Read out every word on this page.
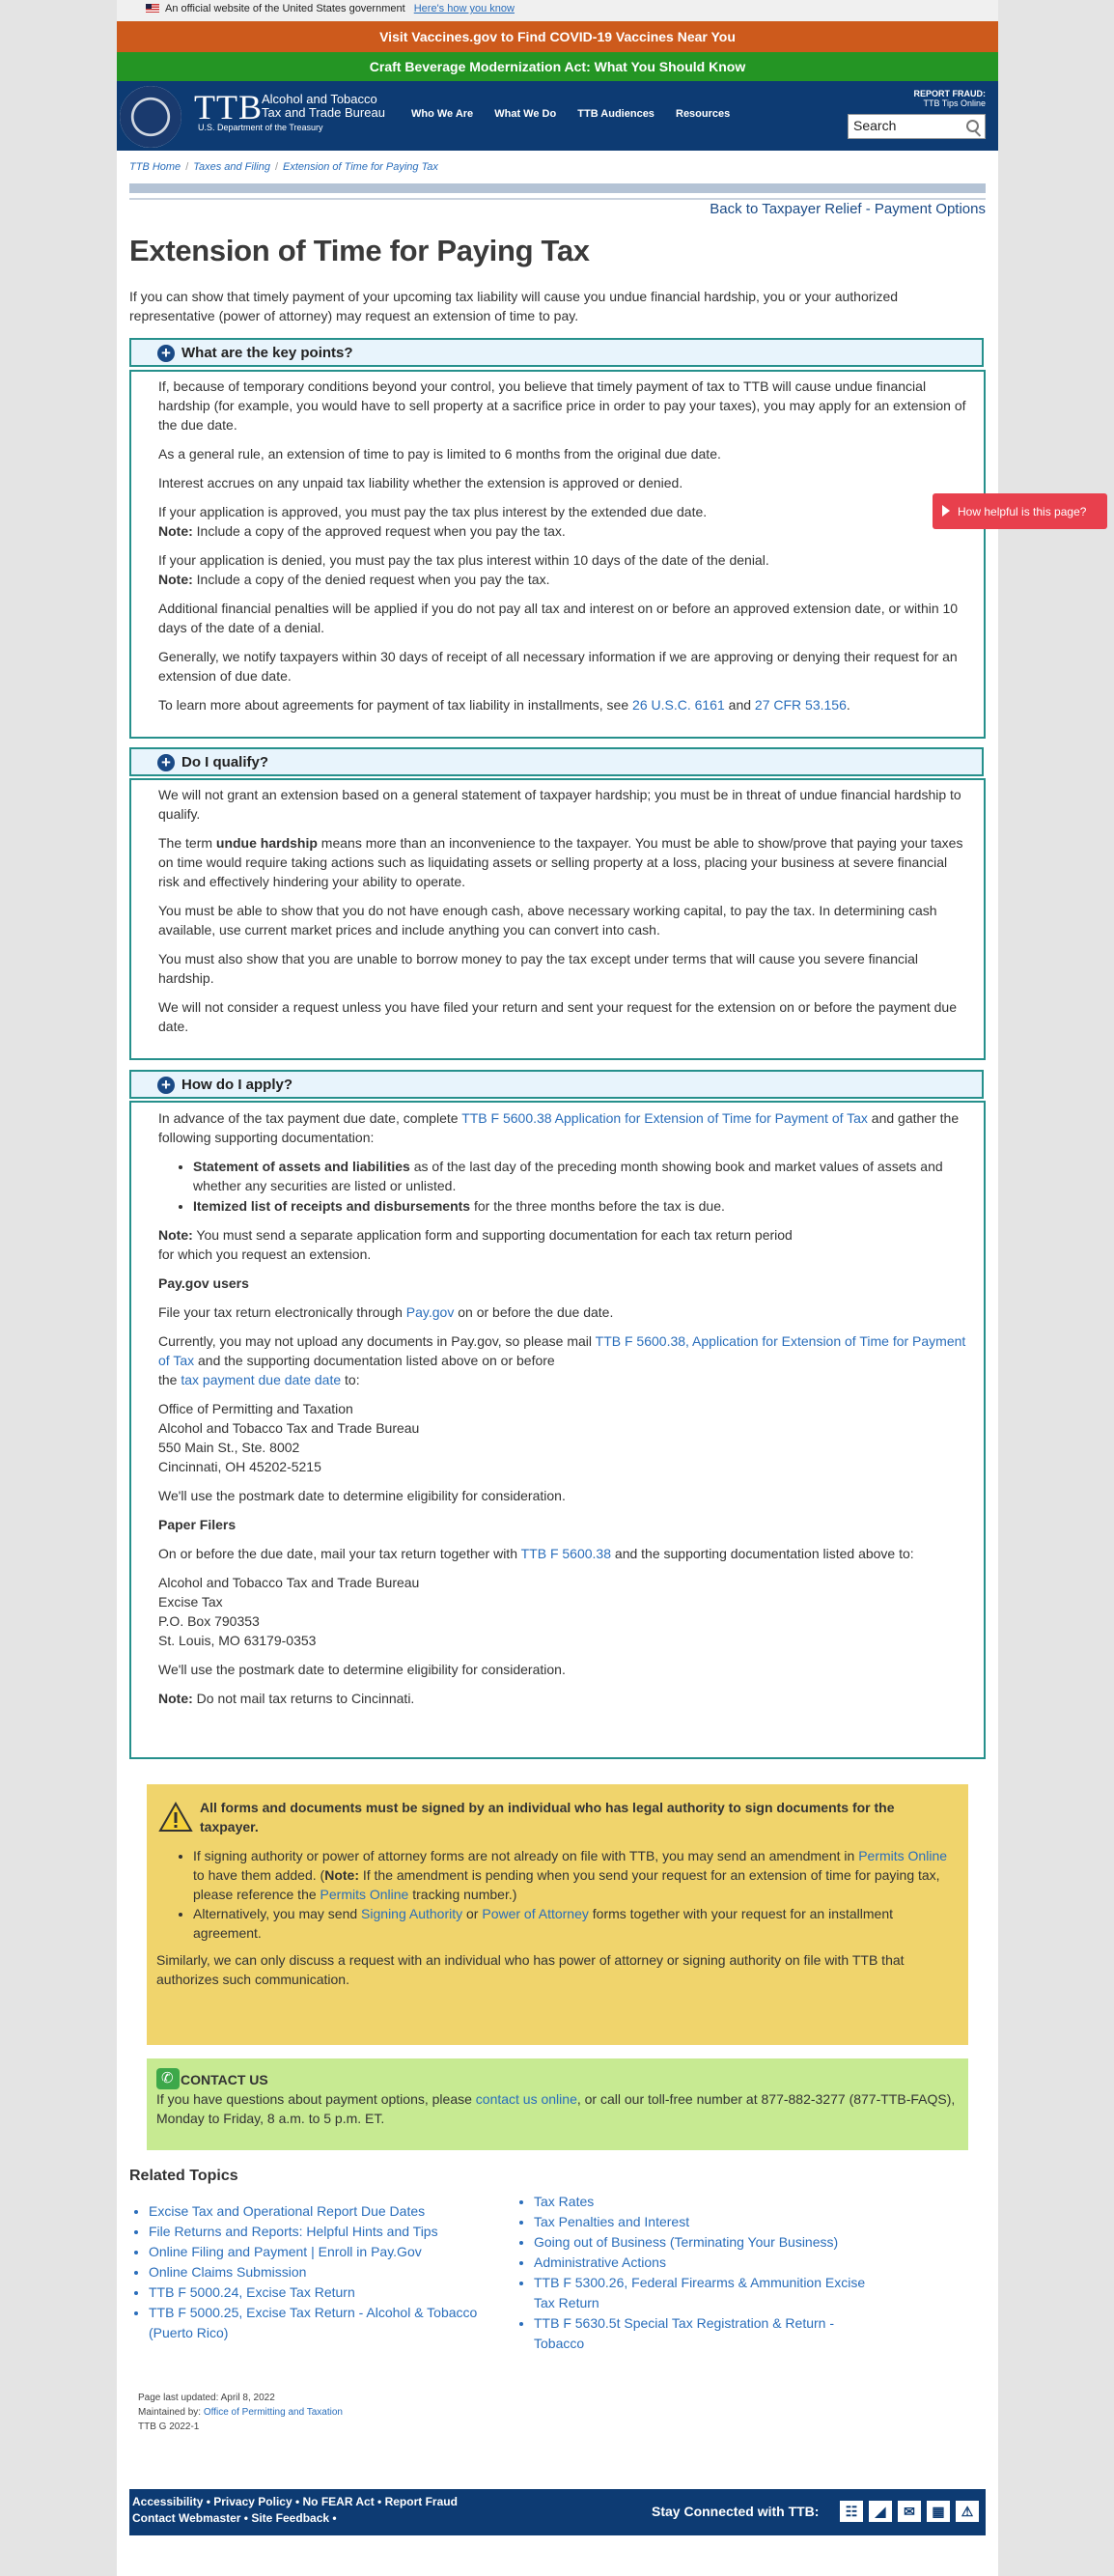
An official website of the United States government Here's how you know
Visit Vaccines.gov to Find COVID-19 Vaccines Near You
Craft Beverage Modernization Act: What You Should Know
TTB Alcohol and Tobacco
Tax and Trade Bureau
U.S. Department of the Treasury
Who We Are What We Do TTB Audiences Resources
REPORT FRAUD:
TTB Tips Online
Search
TTB Home / Taxes and Filing / Extension of Time for Paying Tax
Back to Taxpayer Relief - Payment Options
Extension of Time for Paying Tax

If you can show that timely payment of your upcoming tax liability will cause you undue financial hardship, you or your authorized representative (power of attorney) may request an extension of time to pay.

+ What are the key points?

If, because of temporary conditions beyond your control, you believe that timely payment of tax to TTB will cause undue financial hardship (for example, you would have to sell property at a sacrifice price in order to pay your taxes), you may apply for an extension of the due date.

As a general rule, an extension of time to pay is limited to 6 months from the original due date.

Interest accrues on any unpaid tax liability whether the extension is approved or denied.

If your application is approved, you must pay the tax plus interest by the extended due date.
Note: Include a copy of the approved request when you pay the tax.

If your application is denied, you must pay the tax plus interest within 10 days of the date of the denial.
Note: Include a copy of the denied request when you pay the tax.

Additional financial penalties will be applied if you do not pay all tax and interest on or before an approved extension date, or within 10 days of the date of a denial.

Generally, we notify taxpayers within 30 days of receipt of all necessary information if we are approving or denying their request for an extension of due date.

To learn more about agreements for payment of tax liability in installments, see 26 U.S.C. 6161 and 27 CFR 53.156.

+ Do I qualify?

We will not grant an extension based on a general statement of taxpayer hardship; you must be in threat of undue financial hardship to qualify.

The term undue hardship means more than an inconvenience to the taxpayer. You must be able to show/prove that paying your taxes on time would require taking actions such as liquidating assets or selling property at a loss, placing your business at severe financial risk and effectively hindering your ability to operate.

You must be able to show that you do not have enough cash, above necessary working capital, to pay the tax. In determining cash available, use current market prices and include anything you can convert into cash.

You must also show that you are unable to borrow money to pay the tax except under terms that will cause you severe financial hardship.

We will not consider a request unless you have filed your return and sent your request for the extension on or before the payment due date.

+ How do I apply?

In advance of the tax payment due date, complete TTB F 5600.38 Application for Extension of Time for Payment of Tax and gather the following supporting documentation:

• Statement of assets and liabilities as of the last day of the preceding month showing book and market values of assets and whether any securities are listed or unlisted.
• Itemized list of receipts and disbursements for the three months before the tax is due.

Note: You must send a separate application form and supporting documentation for each tax return period
for which you request an extension.

Pay.gov users

File your tax return electronically through Pay.gov on or before the due date.

Currently, you may not upload any documents in Pay.gov, so please mail TTB F 5600.38, Application for Extension of Time for Payment of Tax and the supporting documentation listed above on or before
the tax payment due date date to:

Office of Permitting and Taxation
Alcohol and Tobacco Tax and Trade Bureau
550 Main St., Ste. 8002
Cincinnati, OH 45202-5215

We'll use the postmark date to determine eligibility for consideration.

Paper Filers

On or before the due date, mail your tax return together with TTB F 5600.38 and the supporting documentation listed above to:

Alcohol and Tobacco Tax and Trade Bureau
Excise Tax
P.O. Box 790353
St. Louis, MO 63179-0353

We'll use the postmark date to determine eligibility for consideration.

Note: Do not mail tax returns to Cincinnati.

All forms and documents must be signed by an individual who has legal authority to sign documents for the taxpayer.

• If signing authority or power of attorney forms are not already on file with TTB, you may send an amendment in Permits Online to have them added. (Note: If the amendment is pending when you send your request for an extension of time for paying tax, please reference the Permits Online tracking number.)
• Alternatively, you may send Signing Authority or Power of Attorney forms together with your request for an installment agreement.

Similarly, we can only discuss a request with an individual who has power of attorney or signing authority on file with TTB that authorizes such communication.

✆CONTACT US

If you have questions about payment options, please contact us online, or call our toll-free number at 877-882-3277 (877-TTB-FAQS), Monday to Friday, 8 a.m. to 5 p.m. ET.

Related Topics
• Excise Tax and Operational Report Due Dates
• File Returns and Reports: Helpful Hints and Tips
• Online Filing and Payment | Enroll in Pay.Gov
• Online Claims Submission
• TTB F 5000.24, Excise Tax Return
• TTB F 5000.25, Excise Tax Return - Alcohol & Tobacco (Puerto Rico)
• Tax Rates
• Tax Penalties and Interest
• Going out of Business (Terminating Your Business)
• Administrative Actions
• TTB F 5300.26, Federal Firearms & Ammunition Excise Tax Return
• TTB F 5630.5t Special Tax Registration & Return - Tobacco
Page last updated: April 8, 2022
Maintained by: Office of Permitting and Taxation
TTB G 2022-1
Accessibility • Privacy Policy • No FEAR Act • Report Fraud
Contact Webmaster • Site Feedback •	Stay Connected with TTB:	☷ ◢ ✉ ▦ ⚠
How helpful is this page?
